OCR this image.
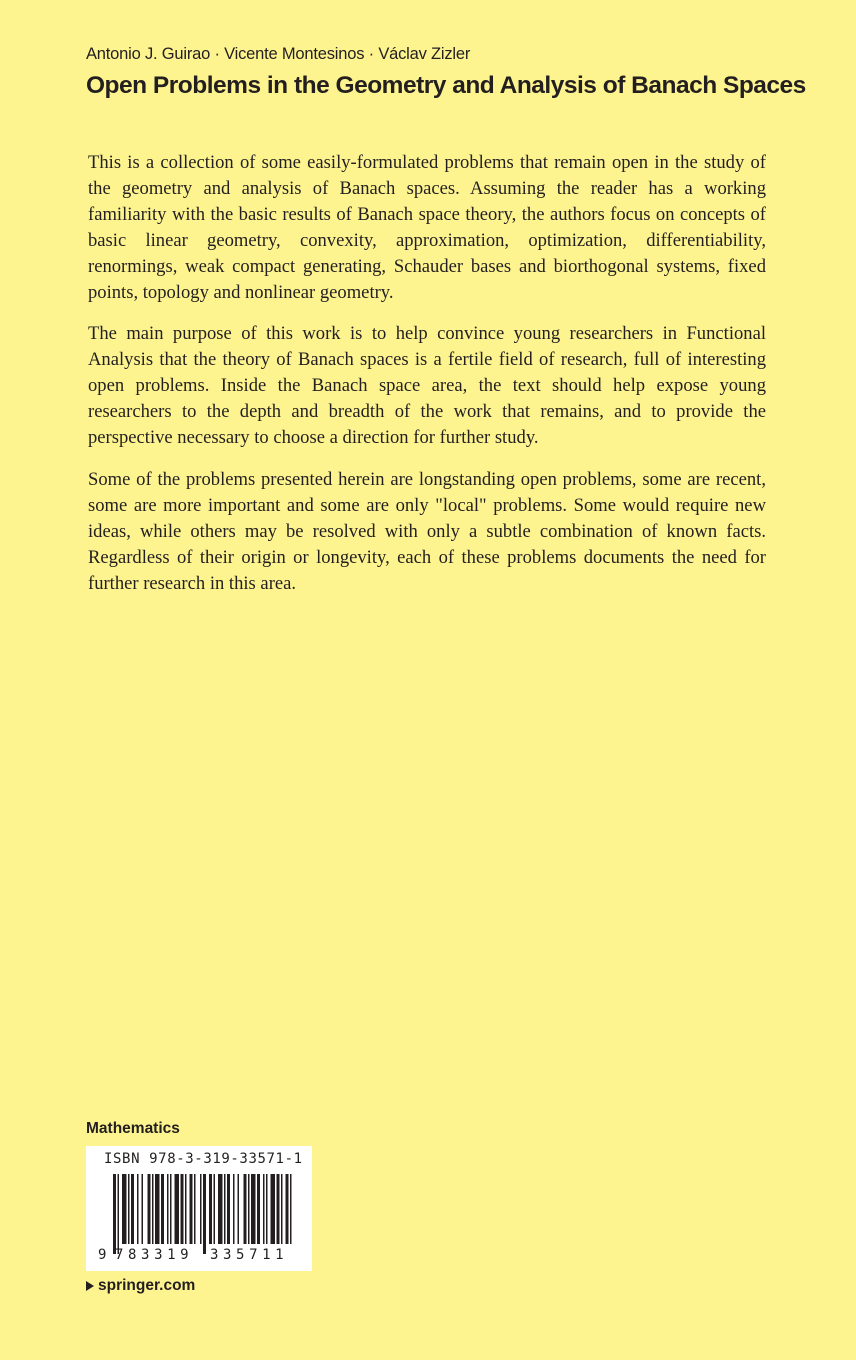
Antonio J. Guirao · Vicente Montesinos · Václav Zizler
Open Problems in the Geometry and Analysis of Banach Spaces

This is a collection of some easily-formulated problems that remain open in the study of the geometry and analysis of Banach spaces. Assuming the reader has a working familiarity with the basic results of Banach space theory, the authors focus on concepts of basic linear geometry, convexity, approximation, optimization, differentiability, renormings, weak compact generating, Schauder bases and biorthogonal systems, fixed points, topology and nonlinear geometry.

The main purpose of this work is to help convince young researchers in Functional Analysis that the theory of Banach spaces is a fertile field of research, full of interesting open problems. Inside the Banach space area, the text should help expose young researchers to the depth and breadth of the work that remains, and to provide the perspective necessary to choose a direction for further study.

Some of the problems presented herein are longstanding open problems, some are recent, some are more important and some are only "local" problems. Some would require new ideas, while others may be resolved with only a subtle combination of known facts. Regardless of their origin or longevity, each of these problems documents the need for further research in this area.

Mathematics
ISBN 978-3-319-33571-1
9 783319 335711
springer.com
